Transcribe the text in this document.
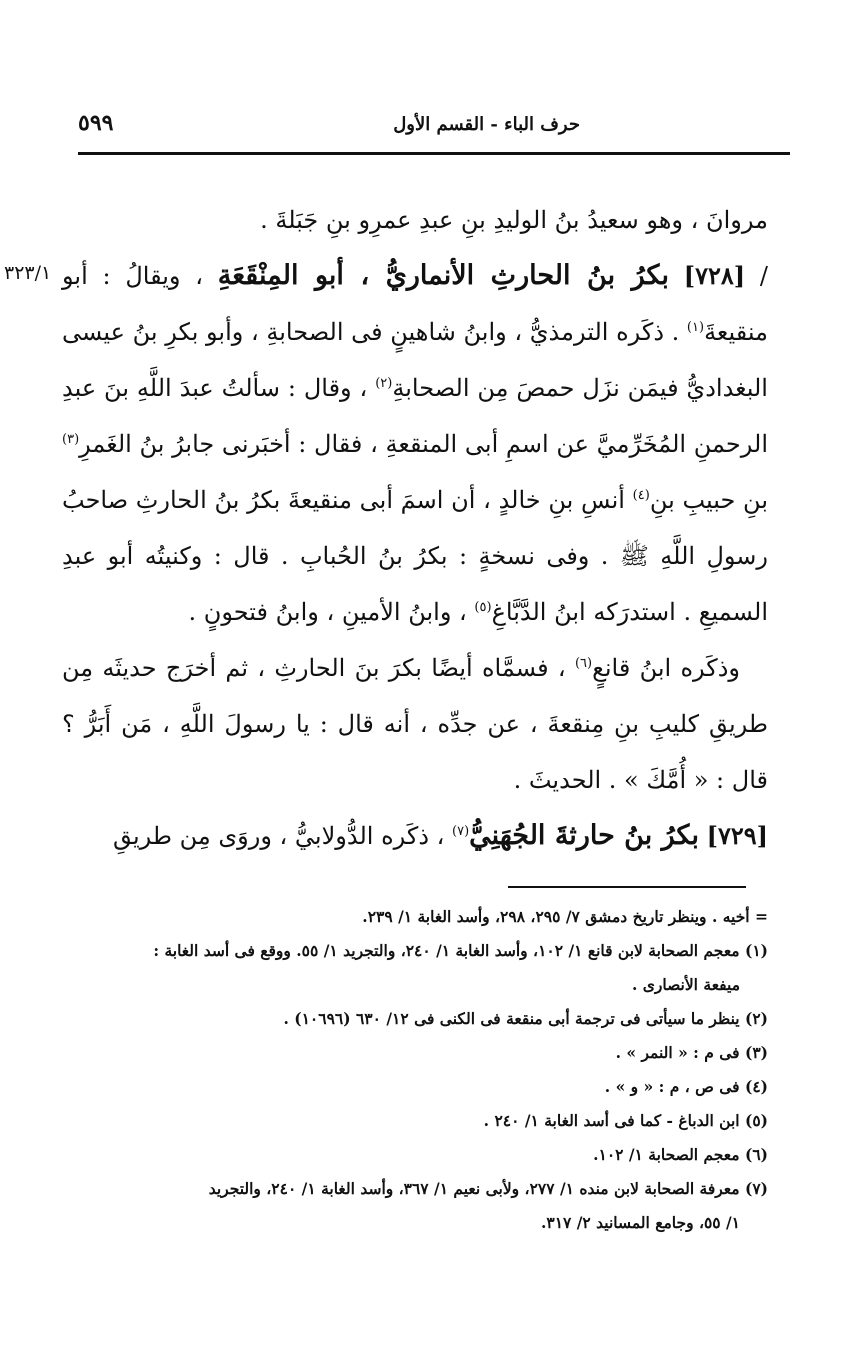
حرف الباء - القسم الأول
٥٩٩
٣٢٣/١

مروانَ ، وهو سعيدُ بنُ الوليدِ بنِ عبدِ عمرِو بنِ جَبَلةَ .

/ [٧٢٨] بكرُ بنُ الحارثِ الأنماريُّ ، أبو المِنْقَعَةِ ، ويقالُ : أبو منقيعةَ$^{(١)}$ . ذكَره الترمذيُّ ، وابنُ شاهينٍ فى الصحابةِ ، وأبو بكرِ بنُ عيسى البغداديُّ فيمَن نزَل حمصَ مِن الصحابةِ$^{(٢)}$ ، وقال : سألتُ عبدَ اللَّهِ بنَ عبدِ الرحمنِ المُخَرِّميَّ عن اسمِ أبى المنقعةِ ، فقال : أخبَرنى جابرُ بنُ الغَمرِ$^{(٣)}$ بنِ حبيبِ بنِ$^{(٤)}$ أنسِ بنِ خالدٍ ، أن اسمَ أبى منقيعةَ بكرُ بنُ الحارثِ صاحبُ رسولِ اللَّهِ ﷺ . وفى نسخةٍ : بكرُ بنُ الحُبابِ . قال : وكنيتُه أبو عبدِ السميعِ . استدرَكه ابنُ الدَّبَّاغِ$^{(٥)}$ ، وابنُ الأمينِ ، وابنُ فتحونٍ .

وذكَره ابنُ قانعٍ$^{(٦)}$ ، فسمَّاه أيضًا بكرَ بنَ الحارثِ ، ثم أخرَج حديثَه مِن طريقِ كليبِ بنِ مِنقعةَ ، عن جدِّه ، أنه قال : يا رسولَ اللَّهِ ، مَن أَبَرُّ ؟ قال : « أُمَّكَ » . الحديثَ .

[٧٢٩] بكرُ بنُ حارثةَ الجُهَنِيُّ$^{(٧)}$ ، ذكَره الدُّولابيُّ ، وروَى مِن طريقِ

= أخيه . وينظر تاريخ دمشق ٧/ ٢٩٥، ٢٩٨، وأسد الغابة ١/ ٢٣٩.

(١) معجم الصحابة لابن قانع ١/ ١٠٢، وأسد الغابة ١/ ٢٤٠، والتجريد ١/ ٥٥. ووقع فى أسد الغابة :

ميفعة الأنصارى .

(٢) ينظر ما سيأتى فى ترجمة أبى منقعة فى الكنى فى ١٢/ ٦٣٠ (١٠٦٩٦) .

(٣) فى م : « النمر » .

(٤) فى ص ، م : « و » .

(٥) ابن الدباغ - كما فى أسد الغابة ١/ ٢٤٠ .

(٦) معجم الصحابة ١/ ١٠٢.

(٧) معرفة الصحابة لابن منده ١/ ٢٧٧، ولأبى نعيم ١/ ٣٦٧، وأسد الغابة ١/ ٢٤٠، والتجريد

١/ ٥٥، وجامع المسانيد ٢/ ٣١٧.
